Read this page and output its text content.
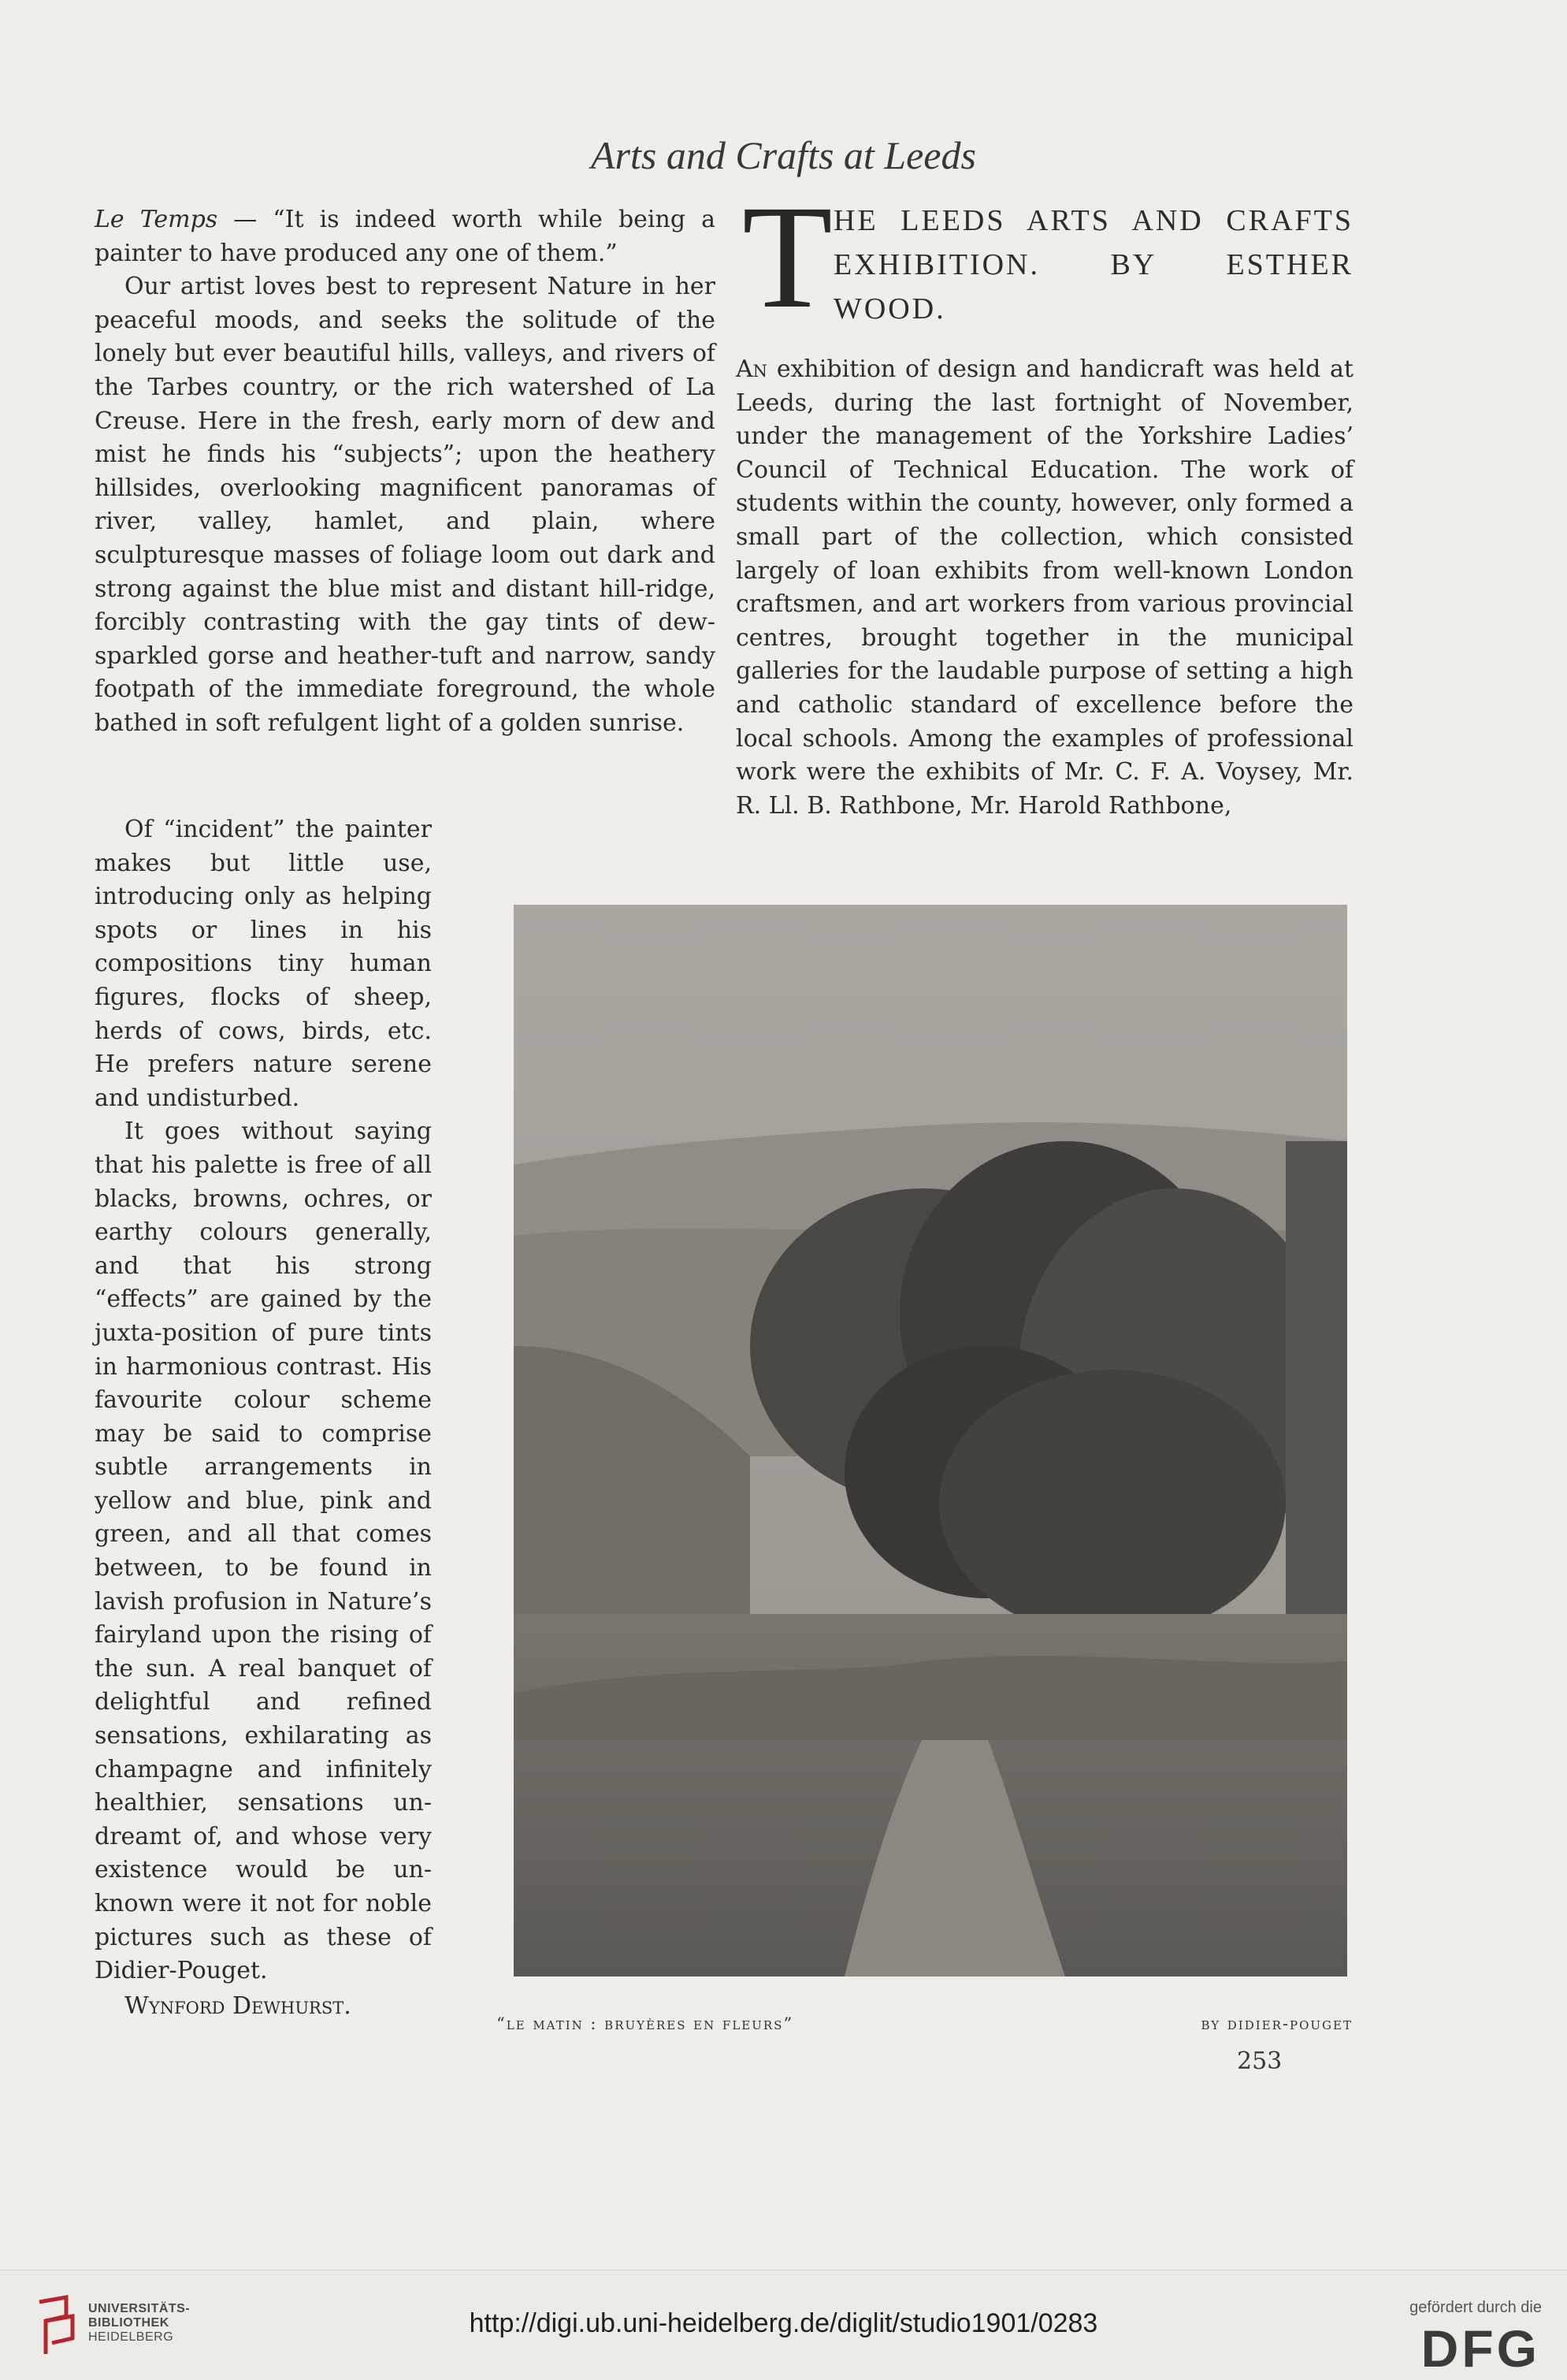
Arts and Crafts at Leeds

Le Temps — “It is indeed worth while being a painter to have produced any one of them.”

Our artist loves best to represent Nature in her peaceful moods, and seeks the solitude of the lonely but ever beautiful hills, valleys, and rivers of the Tarbes country, or the rich watershed of La Creuse. Here in the fresh, early morn of dew and mist he finds his “subjects”; upon the heathery hillsides, overlooking magnificent panoramas of river, valley, hamlet, and plain, where sculpturesque masses of foliage loom out dark and strong against the blue mist and distant hill-ridge, forcibly contrasting with the gay tints of dew-sparkled gorse and heather-tuft and narrow, sandy footpath of the immediate foreground, the whole bathed in soft refulgent light of a golden sunrise.

Of “incident” the painter makes but little use, introducing only as helping spots or lines in his compositions tiny human figures, flocks of sheep, herds of cows, birds, etc. He prefers nature serene and undisturbed.

It goes without saying that his palette is free of all blacks, browns, ochres, or earthy colours generally, and that his strong “effects” are gained by the juxta-position of pure tints in harmonious contrast. His favourite colour scheme may be said to comprise subtle arrangements in yellow and blue, pink and green, and all that comes between, to be found in lavish profusion in Nature’s fairyland upon the rising of the sun. A real banquet of delightful and refined sensations, exhilarating as champagne and infinitely healthier, sensations un-dreamt of, and whose very existence would be un-known were it not for noble pictures such as these of Didier-Pouget.

Wynford Dewhurst.

T HE LEEDS ARTS AND CRAFTS EXHIBITION. BY ESTHER WOOD.

An exhibition of design and handicraft was held at Leeds, during the last fortnight of November, under the management of the Yorkshire Ladies’ Council of Technical Education. The work of students within the county, however, only formed a small part of the collection, which consisted largely of loan exhibits from well-known London craftsmen, and art workers from various provincial centres, brought together in the municipal galleries for the laudable purpose of setting a high and catholic standard of excellence before the local schools. Among the examples of professional work were the exhibits of Mr. C. F. A. Voysey, Mr. R. Ll. B. Rathbone, Mr. Harold Rathbone,

“le matin : bruyères en fleurs”	by didier-pouget
253
UNIVERSITÄTS-
BIBLIOTHEK
HEIDELBERG	http://digi.ub.uni-heidelberg.de/diglit/studio1901/0283
gefördert durch die
DFG
